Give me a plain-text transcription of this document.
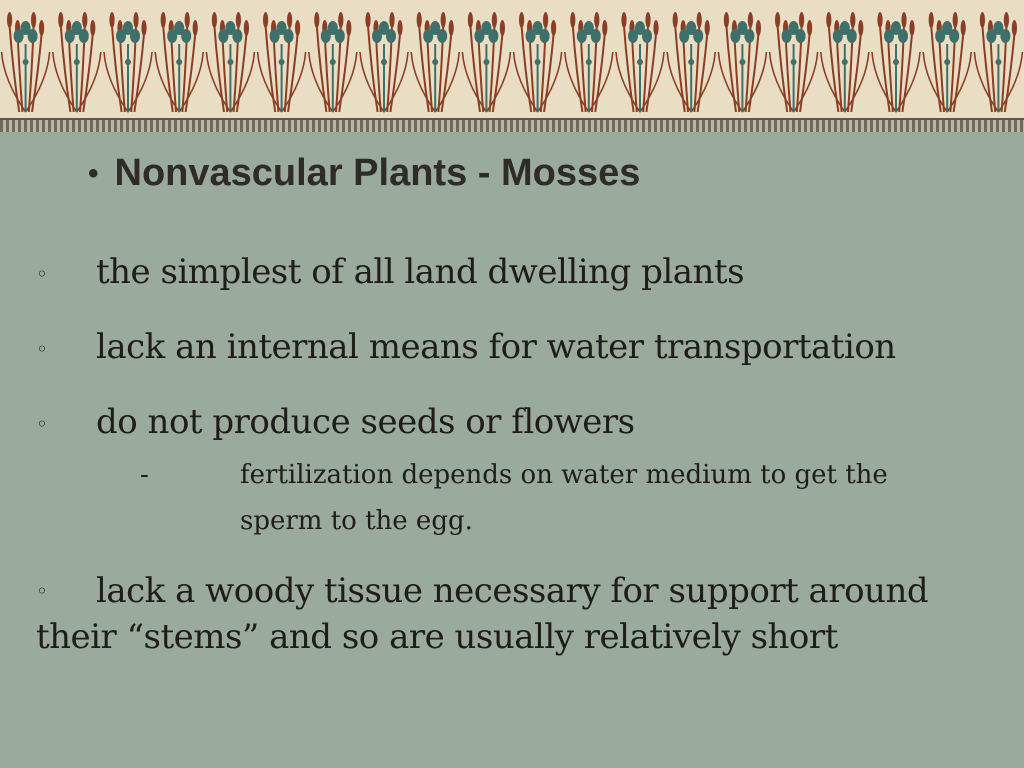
• Nonvascular Plants - Mosses
◦ the simplest of all land dwelling plants
◦ lack an internal means for water transportation
◦ do not produce seeds or flowers
-	fertilization depends on water medium to get the sperm to the egg.
◦ lack a woody tissue necessary for support around their “stems” and so are usually relatively short
